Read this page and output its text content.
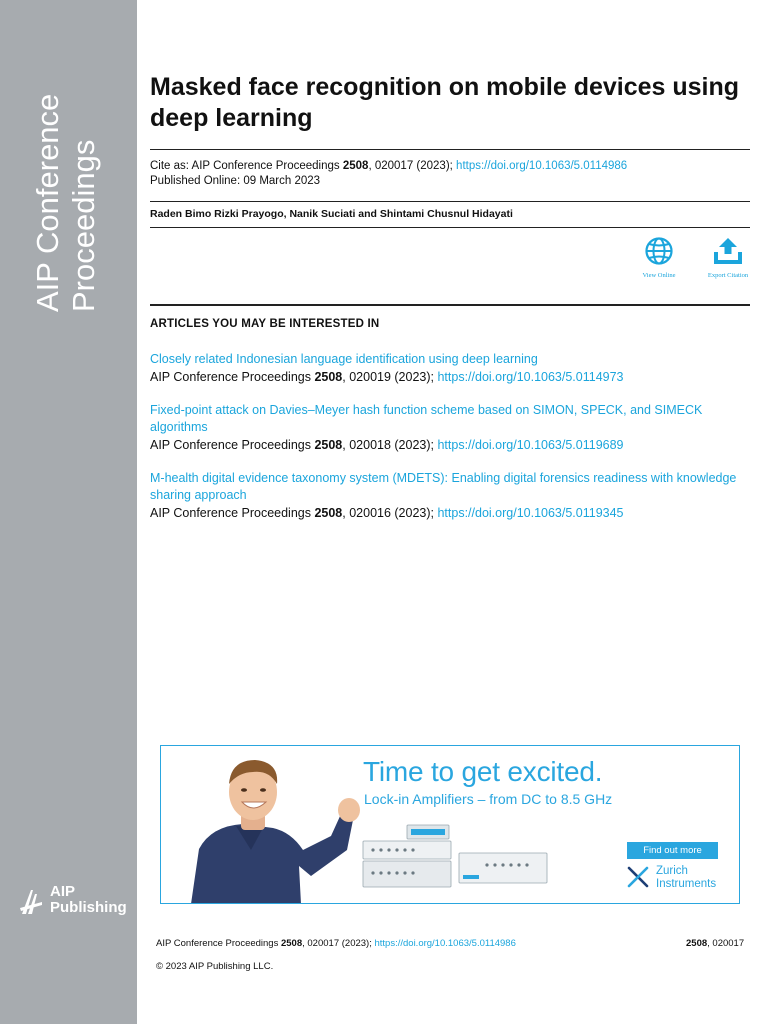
AIP Conference Proceedings
AIP
Publishing
Masked face recognition on mobile devices using deep learning
Cite as: AIP Conference Proceedings 2508, 020017 (2023); https://doi.org/10.1063/5.0114986
Published Online: 09 March 2023
Raden Bimo Rizki Prayogo, Nanik Suciati and Shintami Chusnul Hidayati
View Online	Export Citation
ARTICLES YOU MAY BE INTERESTED IN
Closely related Indonesian language identification using deep learning
AIP Conference Proceedings 2508, 020019 (2023); https://doi.org/10.1063/5.0114973
Fixed-point attack on Davies–Meyer hash function scheme based on SIMON, SPECK, and SIMECK algorithms
AIP Conference Proceedings 2508, 020018 (2023); https://doi.org/10.1063/5.0119689
M-health digital evidence taxonomy system (MDETS): Enabling digital forensics readiness with knowledge sharing approach
AIP Conference Proceedings 2508, 020016 (2023); https://doi.org/10.1063/5.0119345
Time to get excited.
Lock-in Amplifiers – from DC to 8.5 GHz
Find out more
Zurich
Instruments
AIP Conference Proceedings 2508, 020017 (2023); https://doi.org/10.1063/5.0114986	2508, 020017
© 2023 AIP Publishing LLC.
